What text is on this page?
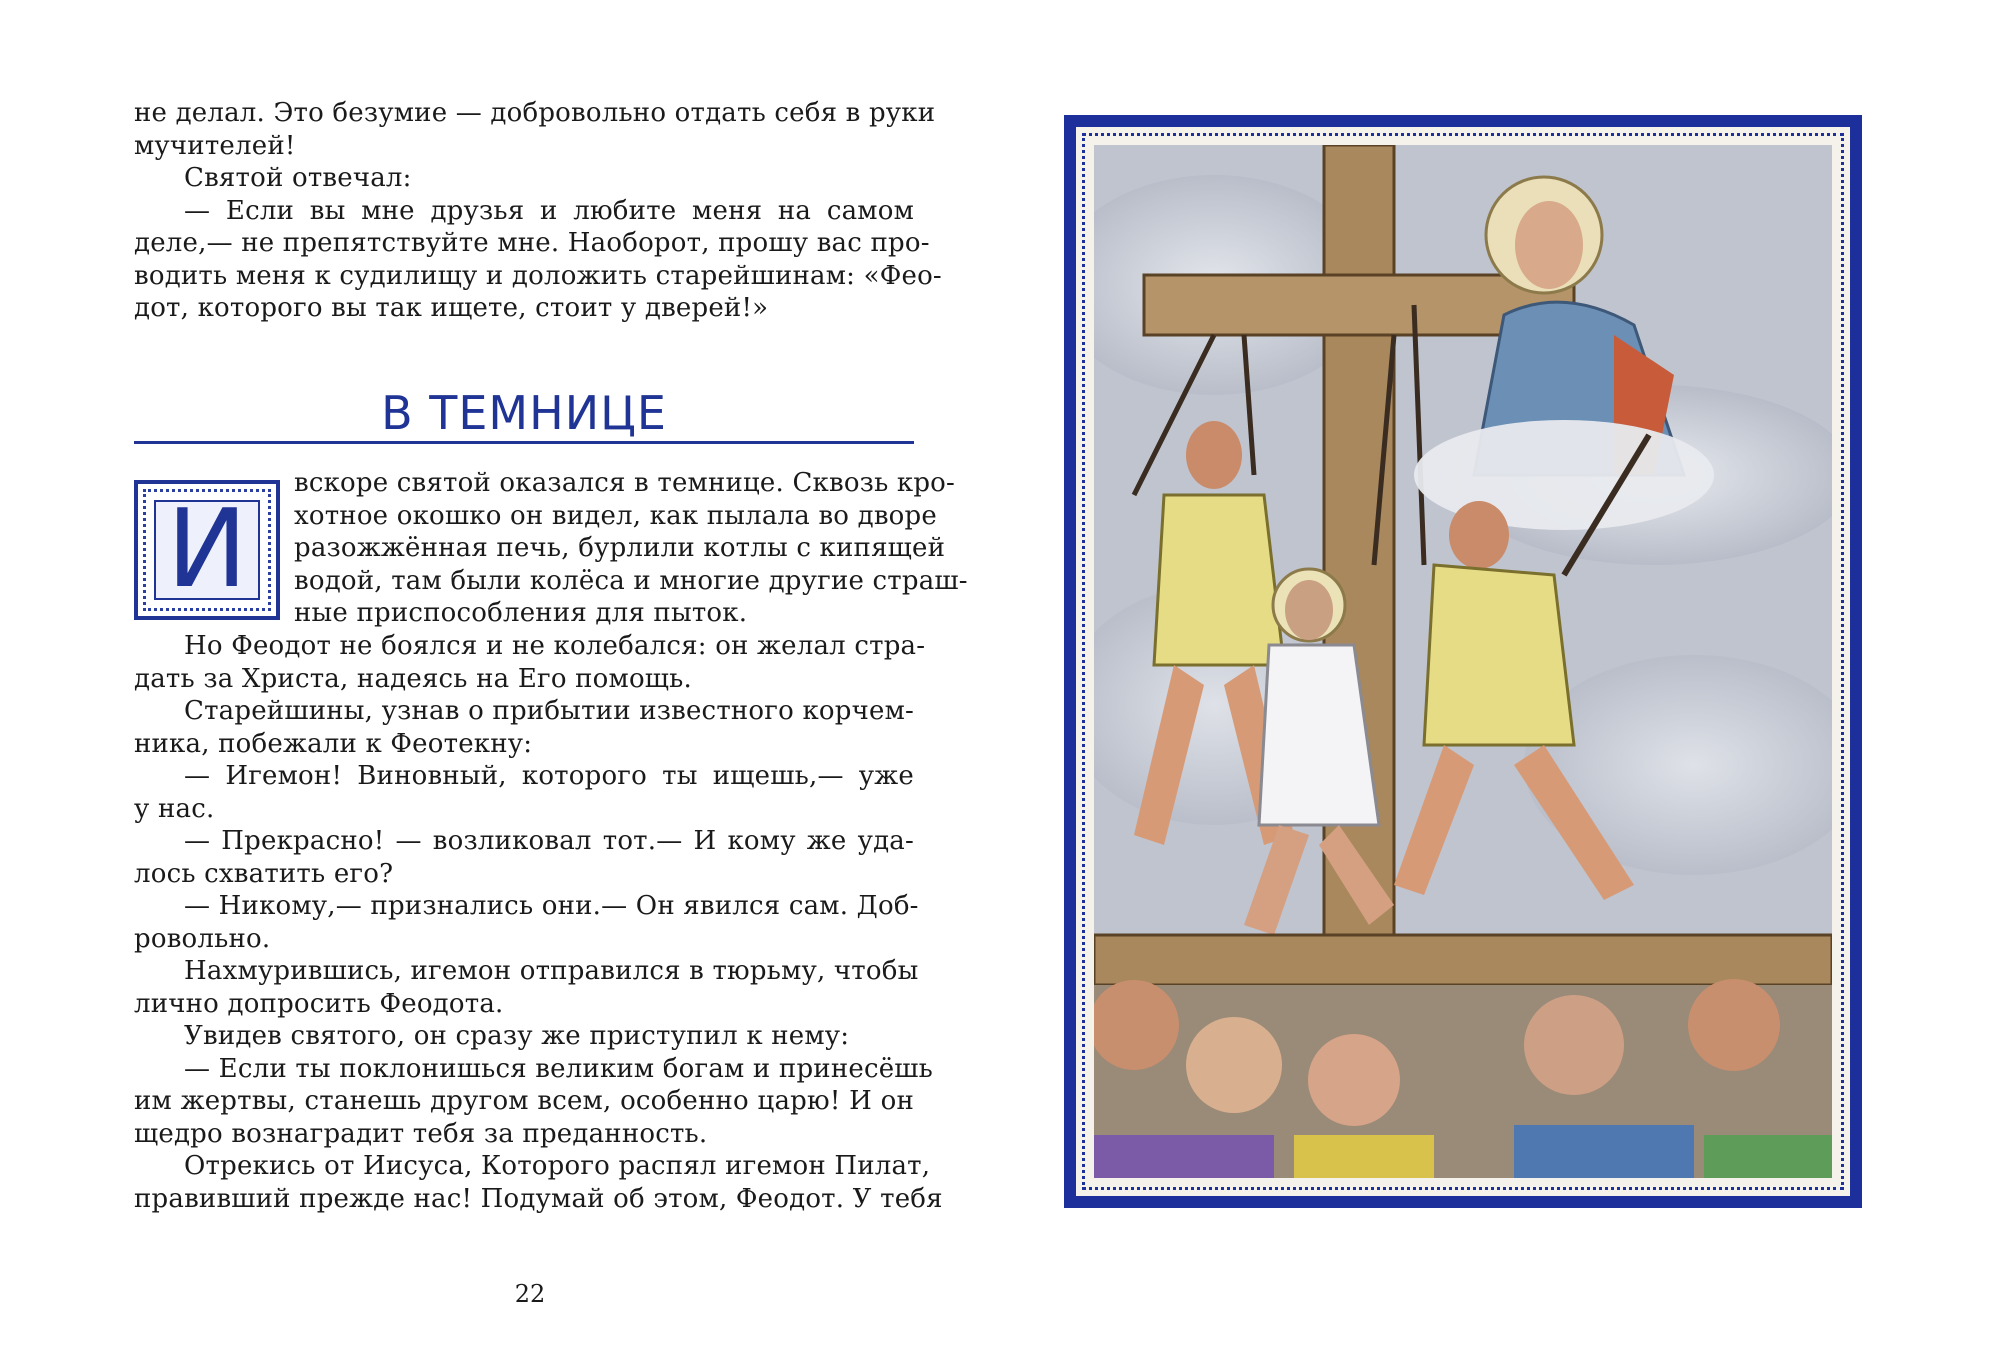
не делал. Это безумие — добровольно отдать себя в руки
мучителей!
Святой отвечал:
— Если вы мне друзья и любите меня на самом
деле,— не препятствуйте мне. Наоборот, прошу вас про-
водить меня к судилищу и доложить старейшинам: «Фео-
дот, которого вы так ищете, стоит у дверей!»
В ТЕМНИЦЕ
И
вскоре святой оказался в темнице. Сквозь кро-
хотное окошко он видел, как пылала во дворе
разожжённая печь, бурлили котлы с кипящей
водой, там были колёса и многие другие страш-
ные приспособления для пыток.
Но Феодот не боялся и не колебался: он желал стра-
дать за Христа, надеясь на Его помощь.
Старейшины, узнав о прибытии известного корчем-
ника, побежали к Феотекну:
— Игемон! Виновный, которого ты ищешь,— уже
у нас.
— Прекрасно! — возликовал тот.— И кому же уда-
лось схватить его?
— Никому,— признались они.— Он явился сам. Доб-
ровольно.
Нахмурившись, игемон отправился в тюрьму, чтобы
лично допросить Феодота.
Увидев святого, он сразу же приступил к нему:
— Если ты поклонишься великим богам и принесёшь
им жертвы, станешь другом всем, особенно царю! И он
щедро вознаградит тебя за преданность.
Отрекись от Иисуса, Которого распял игемон Пилат,
правивший прежде нас! Подумай об этом, Феодот. У тебя
22
